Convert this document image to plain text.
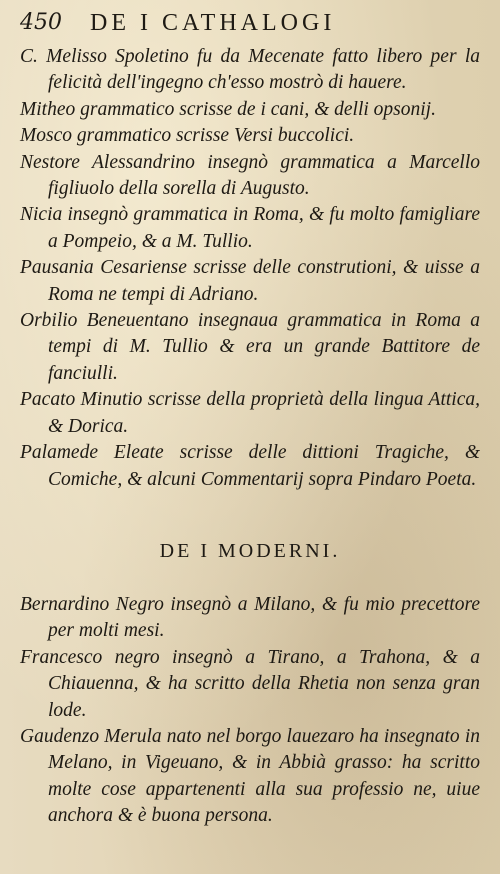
450 DE I CATHALOGI

C. Melisso Spoletino fu da Mecenate fatto libero per la felicità dell'ingegno ch'esso mostrò di hauere.

Mitheo grammatico scrisse de i cani, & delli opsonij.

Mosco grammatico scrisse Versi buccolici.

Nestore Alessandrino insegnò grammatica a Marcello figliuolo della sorella di Augusto.

Nicia insegnò grammatica in Roma, & fu molto famigliare a Pompeio, & a M. Tullio.

Pausania Cesariense scrisse delle construtioni, & uisse a Roma ne tempi di Adriano.

Orbilio Beneuentano insegnaua grammatica in Roma a tempi di M. Tullio & era un grande Battitore de fanciulli.

Pacato Minutio scrisse della proprietà della lingua Attica, & Dorica.

Palamede Eleate scrisse delle dittioni Tragiche, & Comiche, & alcuni Commentarij sopra Pindaro Poeta.

DE I MODERNI.

Bernardino Negro insegnò a Milano, & fu mio precettore per molti mesi.

Francesco negro insegnò a Tirano, a Trahona, & a Chiauenna, & ha scritto della Rhetia non senza gran lode.

Gaudenzo Merula nato nel borgo lauezaro ha insegnato in Melano, in Vigeuano, & in Abbià grasso: ha scritto molte cose appartenenti alla sua professio ne, uiue anchora & è buona persona.
